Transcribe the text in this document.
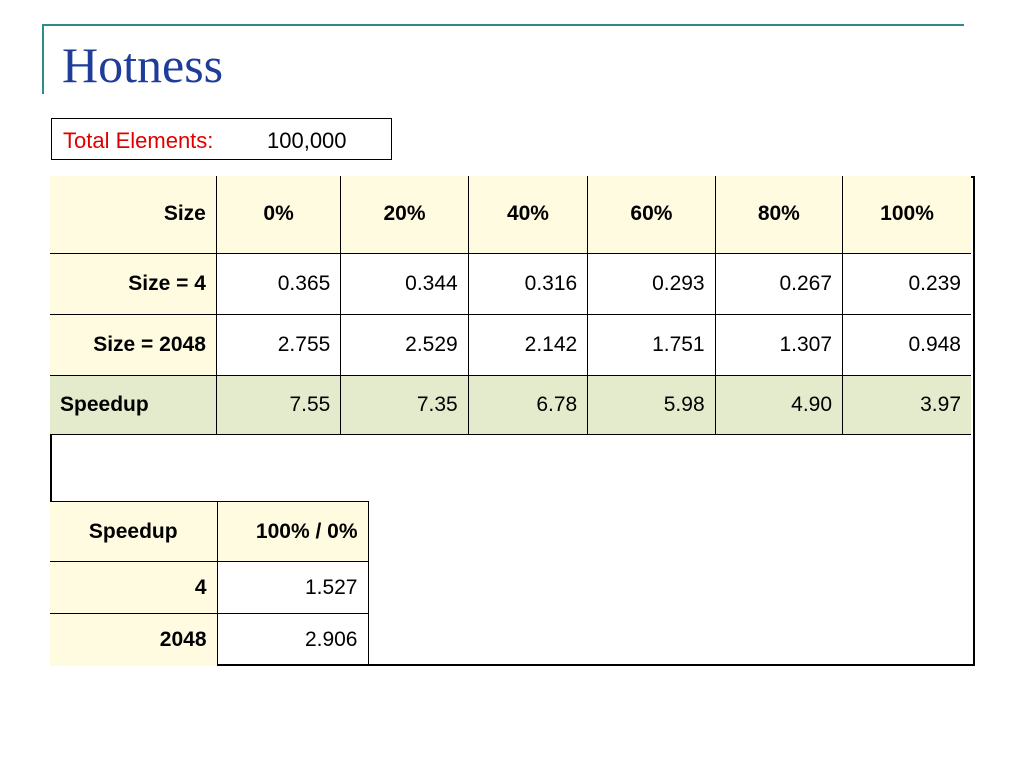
Hotness
Total Elements: 100,000
Size	0%	20%	40%	60%	80%	100%
Size = 4	0.365	0.344	0.316	0.293	0.267	0.239
Size = 2048	2.755	2.529	2.142	1.751	1.307	0.948
Speedup	7.55	7.35	6.78	5.98	4.90	3.97
Speedup	100% / 0%
4	1.527
2048	2.906
